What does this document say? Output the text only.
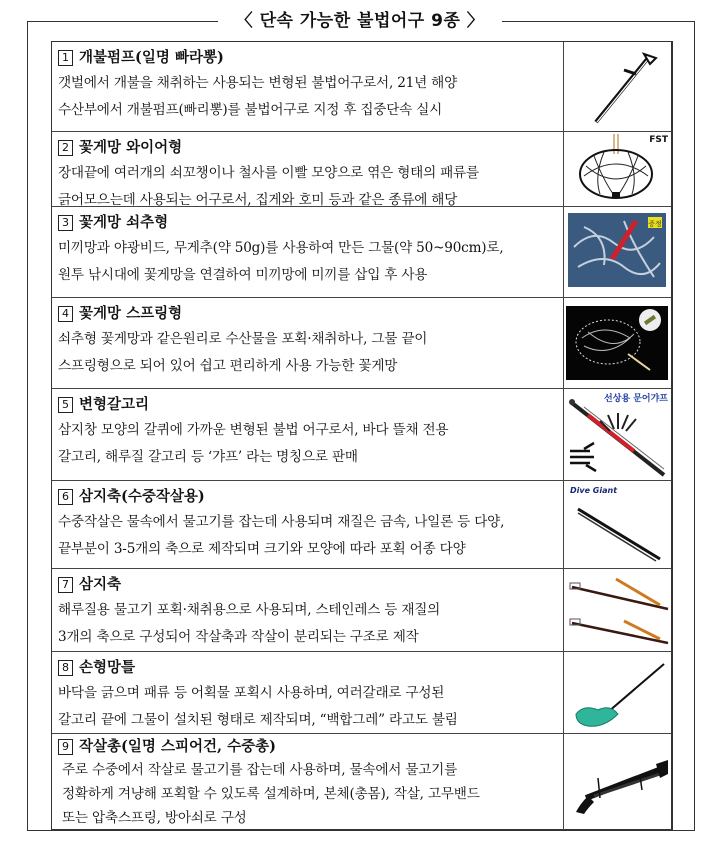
〈 단속 가능한 불법어구 9종 〉
1 개불펌프(일명 빠라뽕)
갯벌에서 개불을 채취하는 사용되는 변형된 불법어구로서, 21년 해양
수산부에서 개불펌프(빠리뽕)를 불법어구로 지정 후 집중단속 실시
2 꽃게망 와이어형
장대끝에 여러개의 쇠꼬챙이나 철사를 이빨 모양으로 엮은 형태의 패류를
긁어모으는데 사용되는 어구로서, 집게와 호미 등과 같은 종류에 해당
FST
3 꽃게망 쇠추형
미끼망과 야광비드, 무게추(약 50g)를 사용하여 만든 그물(약 50~90cm)로,
원투 낚시대에 꽃게망을 연결하여 미끼망에 미끼를 삽입 후 사용
증정
4 꽃게망 스프링형
쇠추형 꽃게망과 같은원리로 수산물을 포획·채취하나, 그물 끝이
스프링형으로 되어 있어 쉽고 편리하게 사용 가능한 꽃게망
5 변형갈고리
삼지창 모양의 갈퀴에 가까운 변형된 불법 어구로서, 바다 뜰채 전용
갈고리, 해루질 갈고리 등 ‘갸프’ 라는 명칭으로 판매
선상용 문어갸프
6 삼지축(수중작살용)
수중작살은 물속에서 물고기를 잡는데 사용되며 재질은 금속, 나일론 등 다양,
끝부분이 3-5개의 축으로 제작되며 크기와 모양에 따라 포획 어종 다양
Dive Giant
7 삼지축
해루질용 물고기 포획·채취용으로 사용되며, 스테인레스 등 재질의
3개의 축으로 구성되어 작살축과 작살이 분리되는 구조로 제작
8 손형망틀
바닥을 긁으며 패류 등 어획물 포획시 사용하며, 여러갈래로 구성된
갈고리 끝에 그물이 설치된 형태로 제작되며, “백합그레” 라고도 불림
9 작살총(일명 스피어건, 수중총)
주로 수중에서 작살로 물고기를 잡는데 사용하며, 물속에서 물고기를
정확하게 겨냥해 포획할 수 있도록 설계하며, 본체(총몸), 작살, 고무밴드
또는 압축스프링, 방아쇠로 구성
